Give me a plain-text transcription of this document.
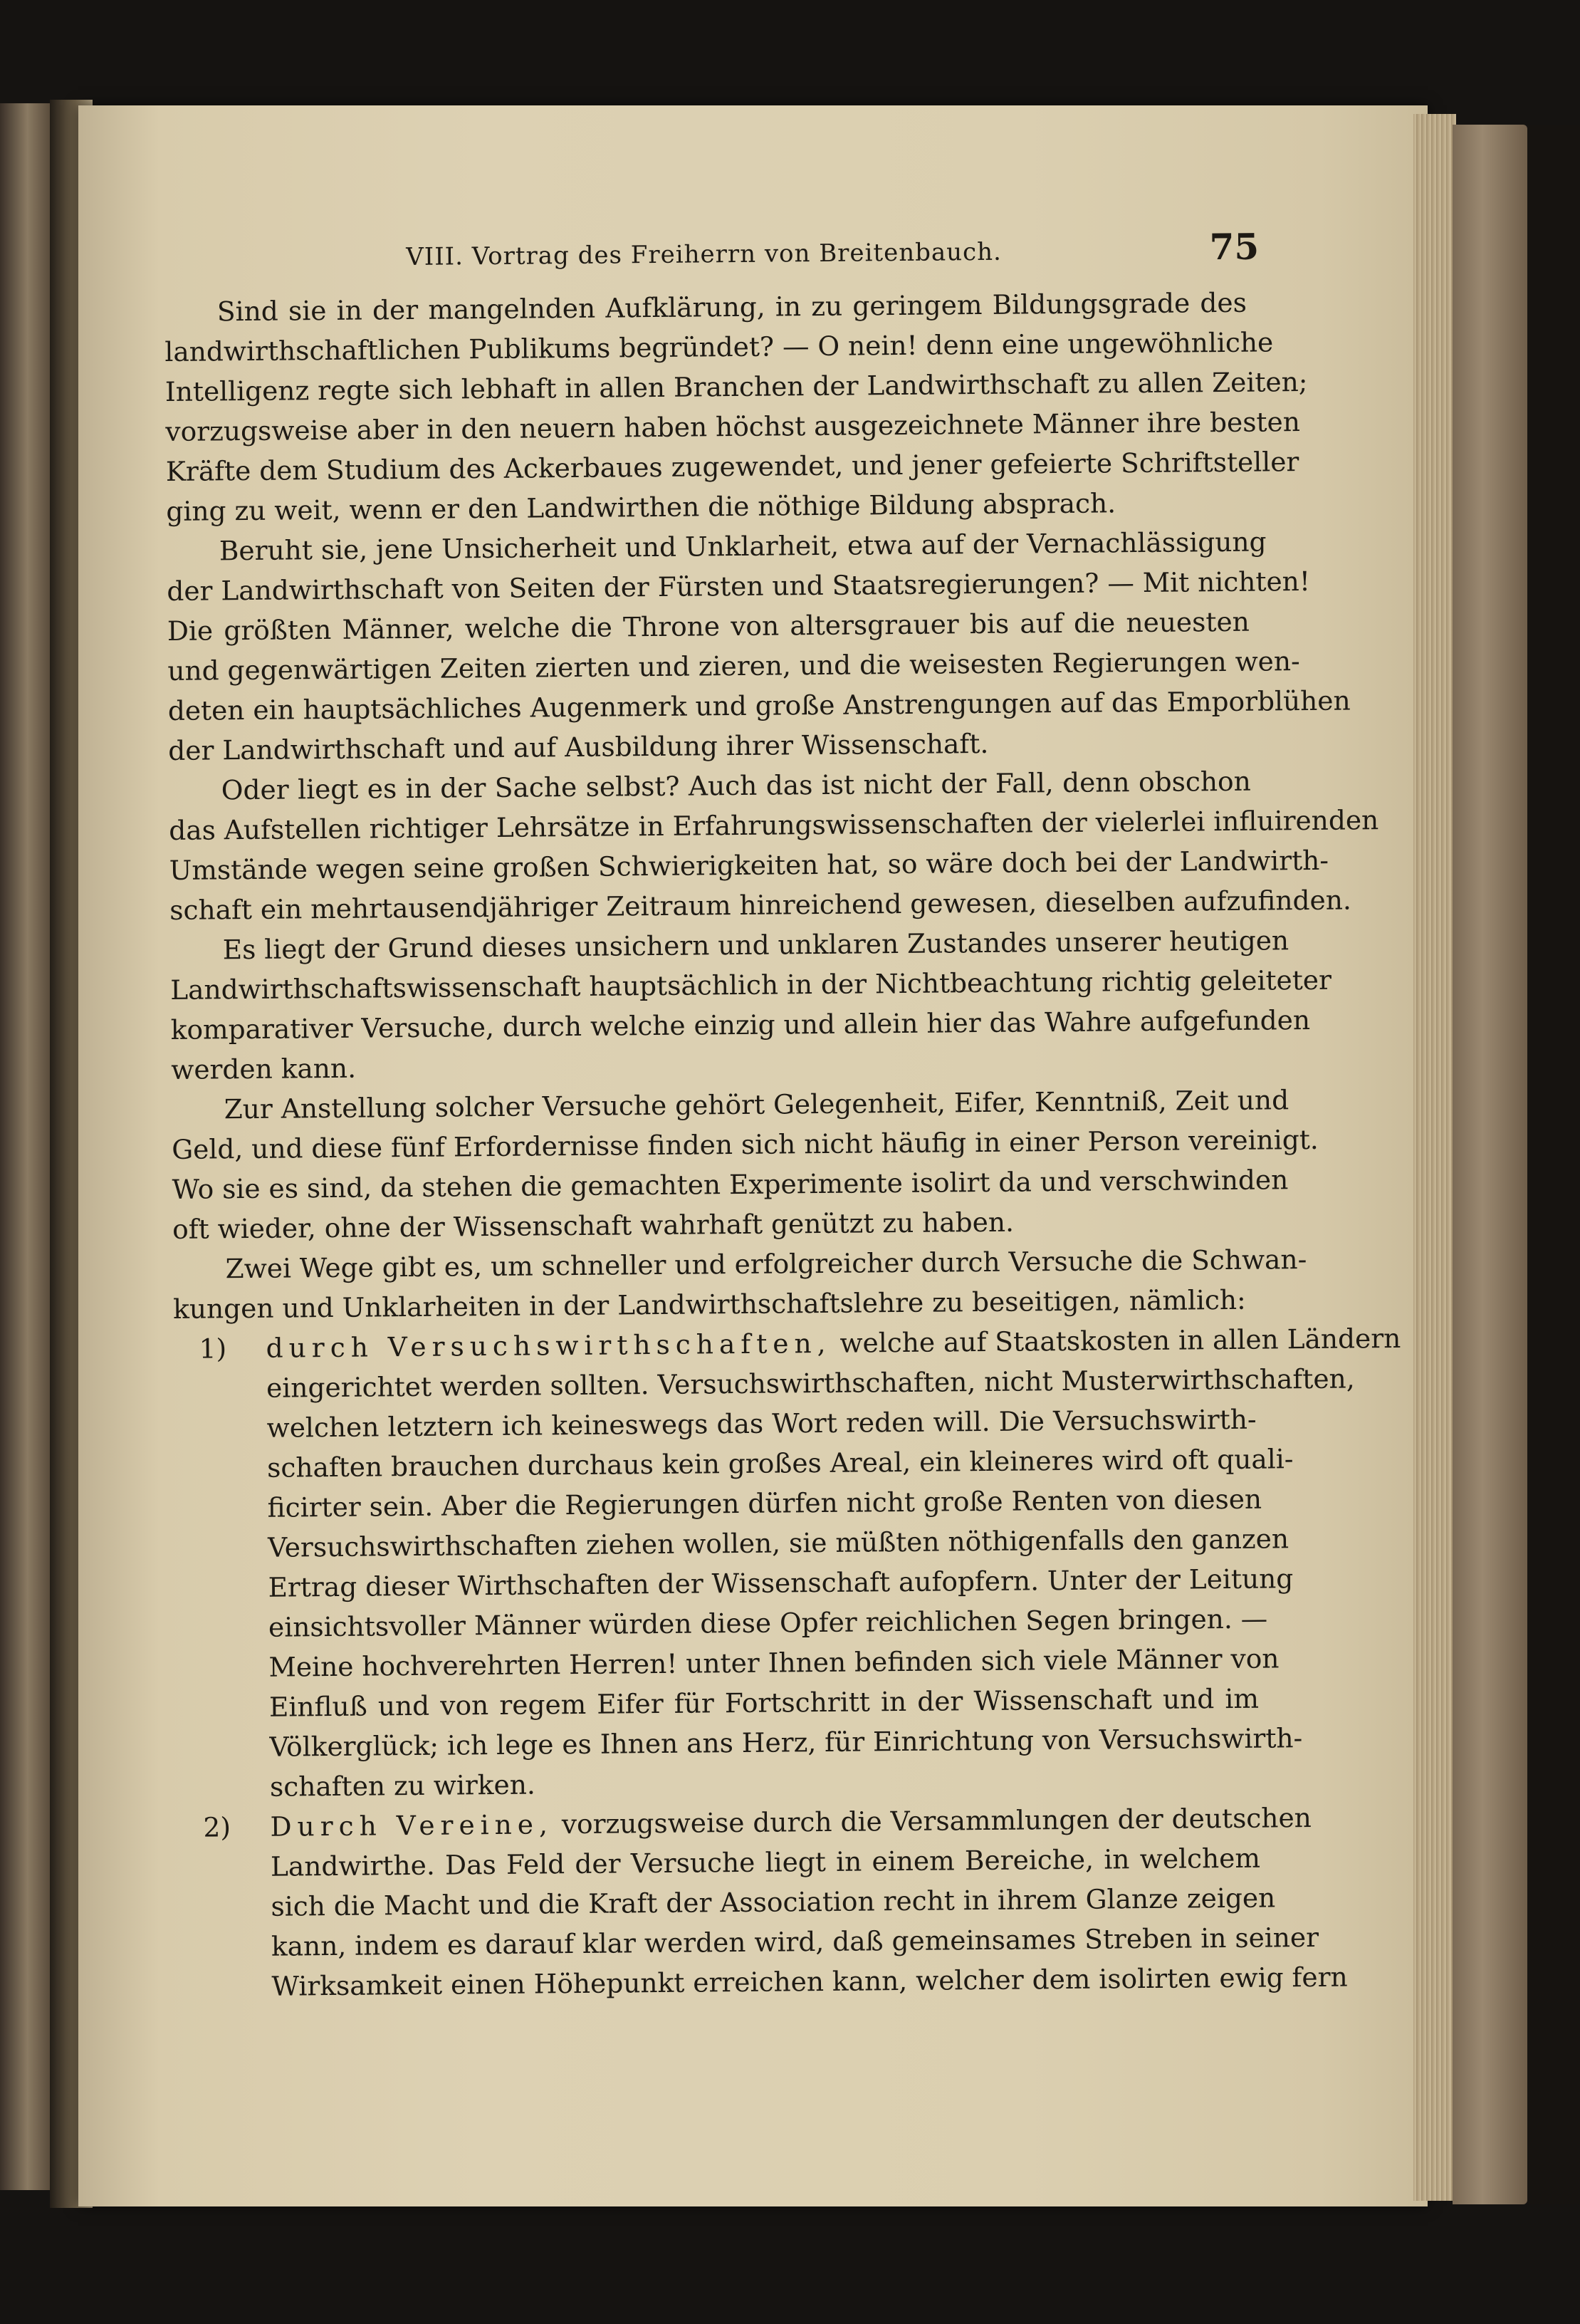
VIII. Vortrag des Freiherrn von Breitenbauch.	75

Sind sie in der mangelnden Aufklärung, in zu geringem Bildungsgrade des
landwirthschaftlichen Publikums begründet? — O nein! denn eine ungewöhnliche
Intelligenz regte sich lebhaft in allen Branchen der Landwirthschaft zu allen Zeiten;
vorzugsweise aber in den neuern haben höchst ausgezeichnete Männer ihre besten
Kräfte dem Studium des Ackerbaues zugewendet, und jener gefeierte Schriftsteller
ging zu weit, wenn er den Landwirthen die nöthige Bildung absprach.

Beruht sie, jene Unsicherheit und Unklarheit, etwa auf der Vernachlässigung
der Landwirthschaft von Seiten der Fürsten und Staatsregierungen? — Mit nichten!
Die größten Männer, welche die Throne von altersgrauer bis auf die neuesten
und gegenwärtigen Zeiten zierten und zieren, und die weisesten Regierungen wen-
deten ein hauptsächliches Augenmerk und große Anstrengungen auf das Emporblühen
der Landwirthschaft und auf Ausbildung ihrer Wissenschaft.

Oder liegt es in der Sache selbst? Auch das ist nicht der Fall, denn obschon
das Aufstellen richtiger Lehrsätze in Erfahrungswissenschaften der vielerlei influirenden
Umstände wegen seine großen Schwierigkeiten hat, so wäre doch bei der Landwirth-
schaft ein mehrtausendjähriger Zeitraum hinreichend gewesen, dieselben aufzufinden.

Es liegt der Grund dieses unsichern und unklaren Zustandes unserer heutigen
Landwirthschaftswissenschaft hauptsächlich in der Nichtbeachtung richtig geleiteter
komparativer Versuche, durch welche einzig und allein hier das Wahre aufgefunden
werden kann.

Zur Anstellung solcher Versuche gehört Gelegenheit, Eifer, Kenntniß, Zeit und
Geld, und diese fünf Erfordernisse finden sich nicht häufig in einer Person vereinigt.
Wo sie es sind, da stehen die gemachten Experimente isolirt da und verschwinden
oft wieder, ohne der Wissenschaft wahrhaft genützt zu haben.

Zwei Wege gibt es, um schneller und erfolgreicher durch Versuche die Schwan-
kungen und Unklarheiten in der Landwirthschaftslehre zu beseitigen, nämlich:

1) durch Versuchswirthschaften, welche auf Staatskosten in allen Ländern
eingerichtet werden sollten. Versuchswirthschaften, nicht Musterwirthschaften,
welchen letztern ich keineswegs das Wort reden will. Die Versuchswirth-
schaften brauchen durchaus kein großes Areal, ein kleineres wird oft quali-
ficirter sein. Aber die Regierungen dürfen nicht große Renten von diesen
Versuchswirthschaften ziehen wollen, sie müßten nöthigenfalls den ganzen
Ertrag dieser Wirthschaften der Wissenschaft aufopfern. Unter der Leitung
einsichtsvoller Männer würden diese Opfer reichlichen Segen bringen. —
Meine hochverehrten Herren! unter Ihnen befinden sich viele Männer von
Einfluß und von regem Eifer für Fortschritt in der Wissenschaft und im
Völkerglück; ich lege es Ihnen ans Herz, für Einrichtung von Versuchswirth-
schaften zu wirken.

2) Durch Vereine, vorzugsweise durch die Versammlungen der deutschen
Landwirthe. Das Feld der Versuche liegt in einem Bereiche, in welchem
sich die Macht und die Kraft der Association recht in ihrem Glanze zeigen
kann, indem es darauf klar werden wird, daß gemeinsames Streben in seiner
Wirksamkeit einen Höhepunkt erreichen kann, welcher dem isolirten ewig fern
